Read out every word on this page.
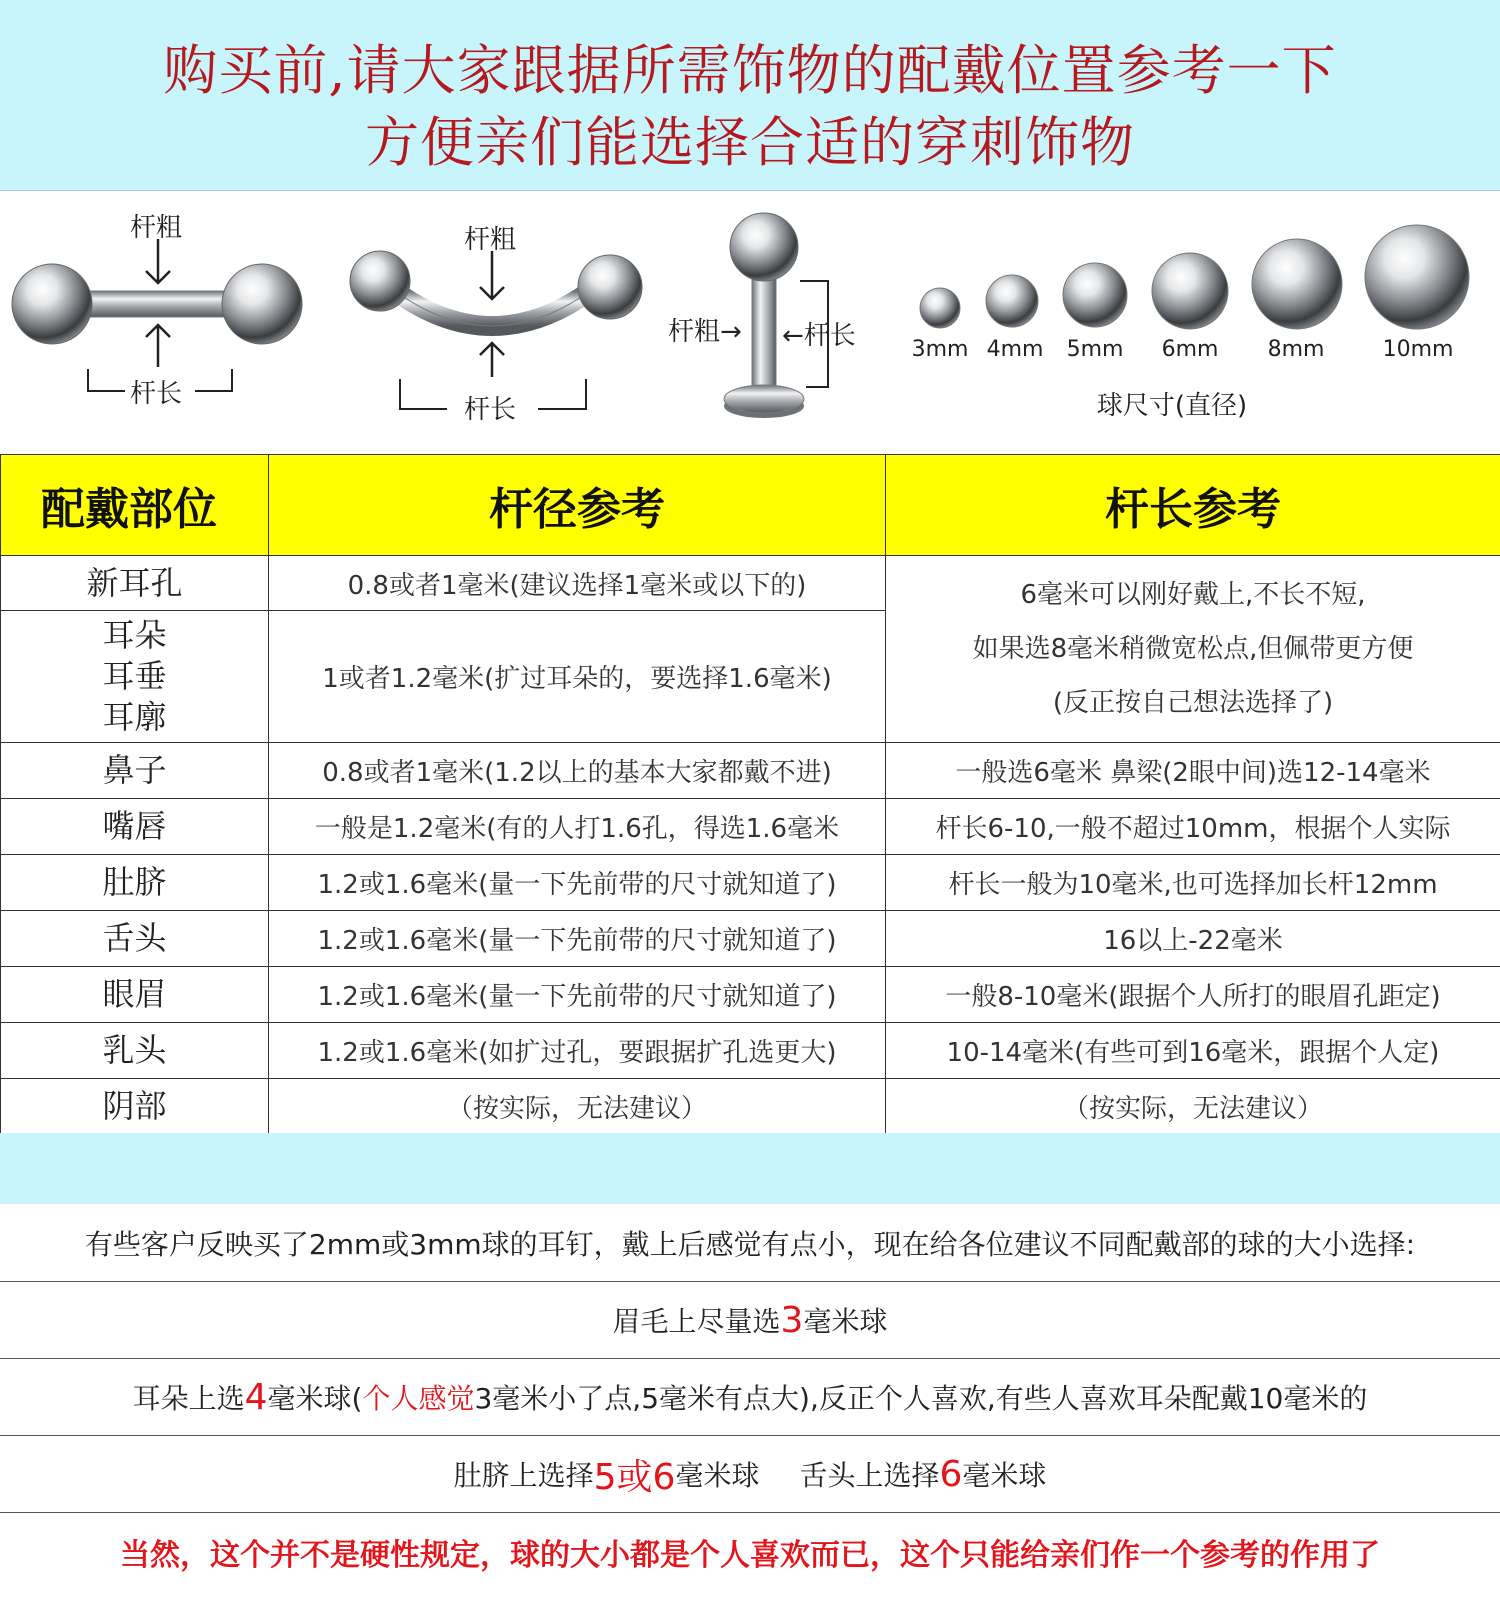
购买前,请大家跟据所需饰物的配戴位置参考一下
方便亲们能选择合适的穿刺饰物
杆粗
杆长
杆粗
杆长
杆粗→ ←杆长	3mm 4mm 5mm 6mm 8mm	10mm
球尺寸(直径)
配戴部位	杆径参考	杆长参考
新耳孔	0.8或者1毫米(建议选择1毫米或以下的)	6毫米可以刚好戴上,不长不短,
如果选8毫米稍微宽松点,但佩带更方便
(反正按自己想法选择了)

耳朵
耳垂
耳廓	1或者1.2毫米(扩过耳朵的，要选择1.6毫米)	
鼻子	0.8或者1毫米(1.2以上的基本大家都戴不进)	一般选6毫米 鼻梁(2眼中间)选12-14毫米
嘴唇	一般是1.2毫米(有的人打1.6孔，得选1.6毫米	杆长6-10,一般不超过10mm，根据个人实际
肚脐	1.2或1.6毫米(量一下先前带的尺寸就知道了)	杆长一般为10毫米,也可选择加长杆12mm
舌头	1.2或1.6毫米(量一下先前带的尺寸就知道了)	16以上-22毫米
眼眉	1.2或1.6毫米(量一下先前带的尺寸就知道了)	一般8-10毫米(跟据个人所打的眼眉孔距定)
乳头	1.2或1.6毫米(如扩过孔，要跟据扩孔选更大)	10-14毫米(有些可到16毫米，跟据个人定)
阴部	（按实际，无法建议）	（按实际，无法建议）
有些客户反映买了2mm或3mm球的耳钉，戴上后感觉有点小，现在给各位建议不同配戴部的球的大小选择:
眉毛上尽量选 3 毫米球
耳朵上选 4 毫米球( 个人感觉 3毫米小了点,5毫米有点大),反正个人喜欢,有些人喜欢耳朵配戴10毫米的
肚脐上选择 5或6 毫米球 舌头上选择 6 毫米球
当然，这个并不是硬性规定，球的大小都是个人喜欢而已，这个只能给亲们作一个参考的作用了
